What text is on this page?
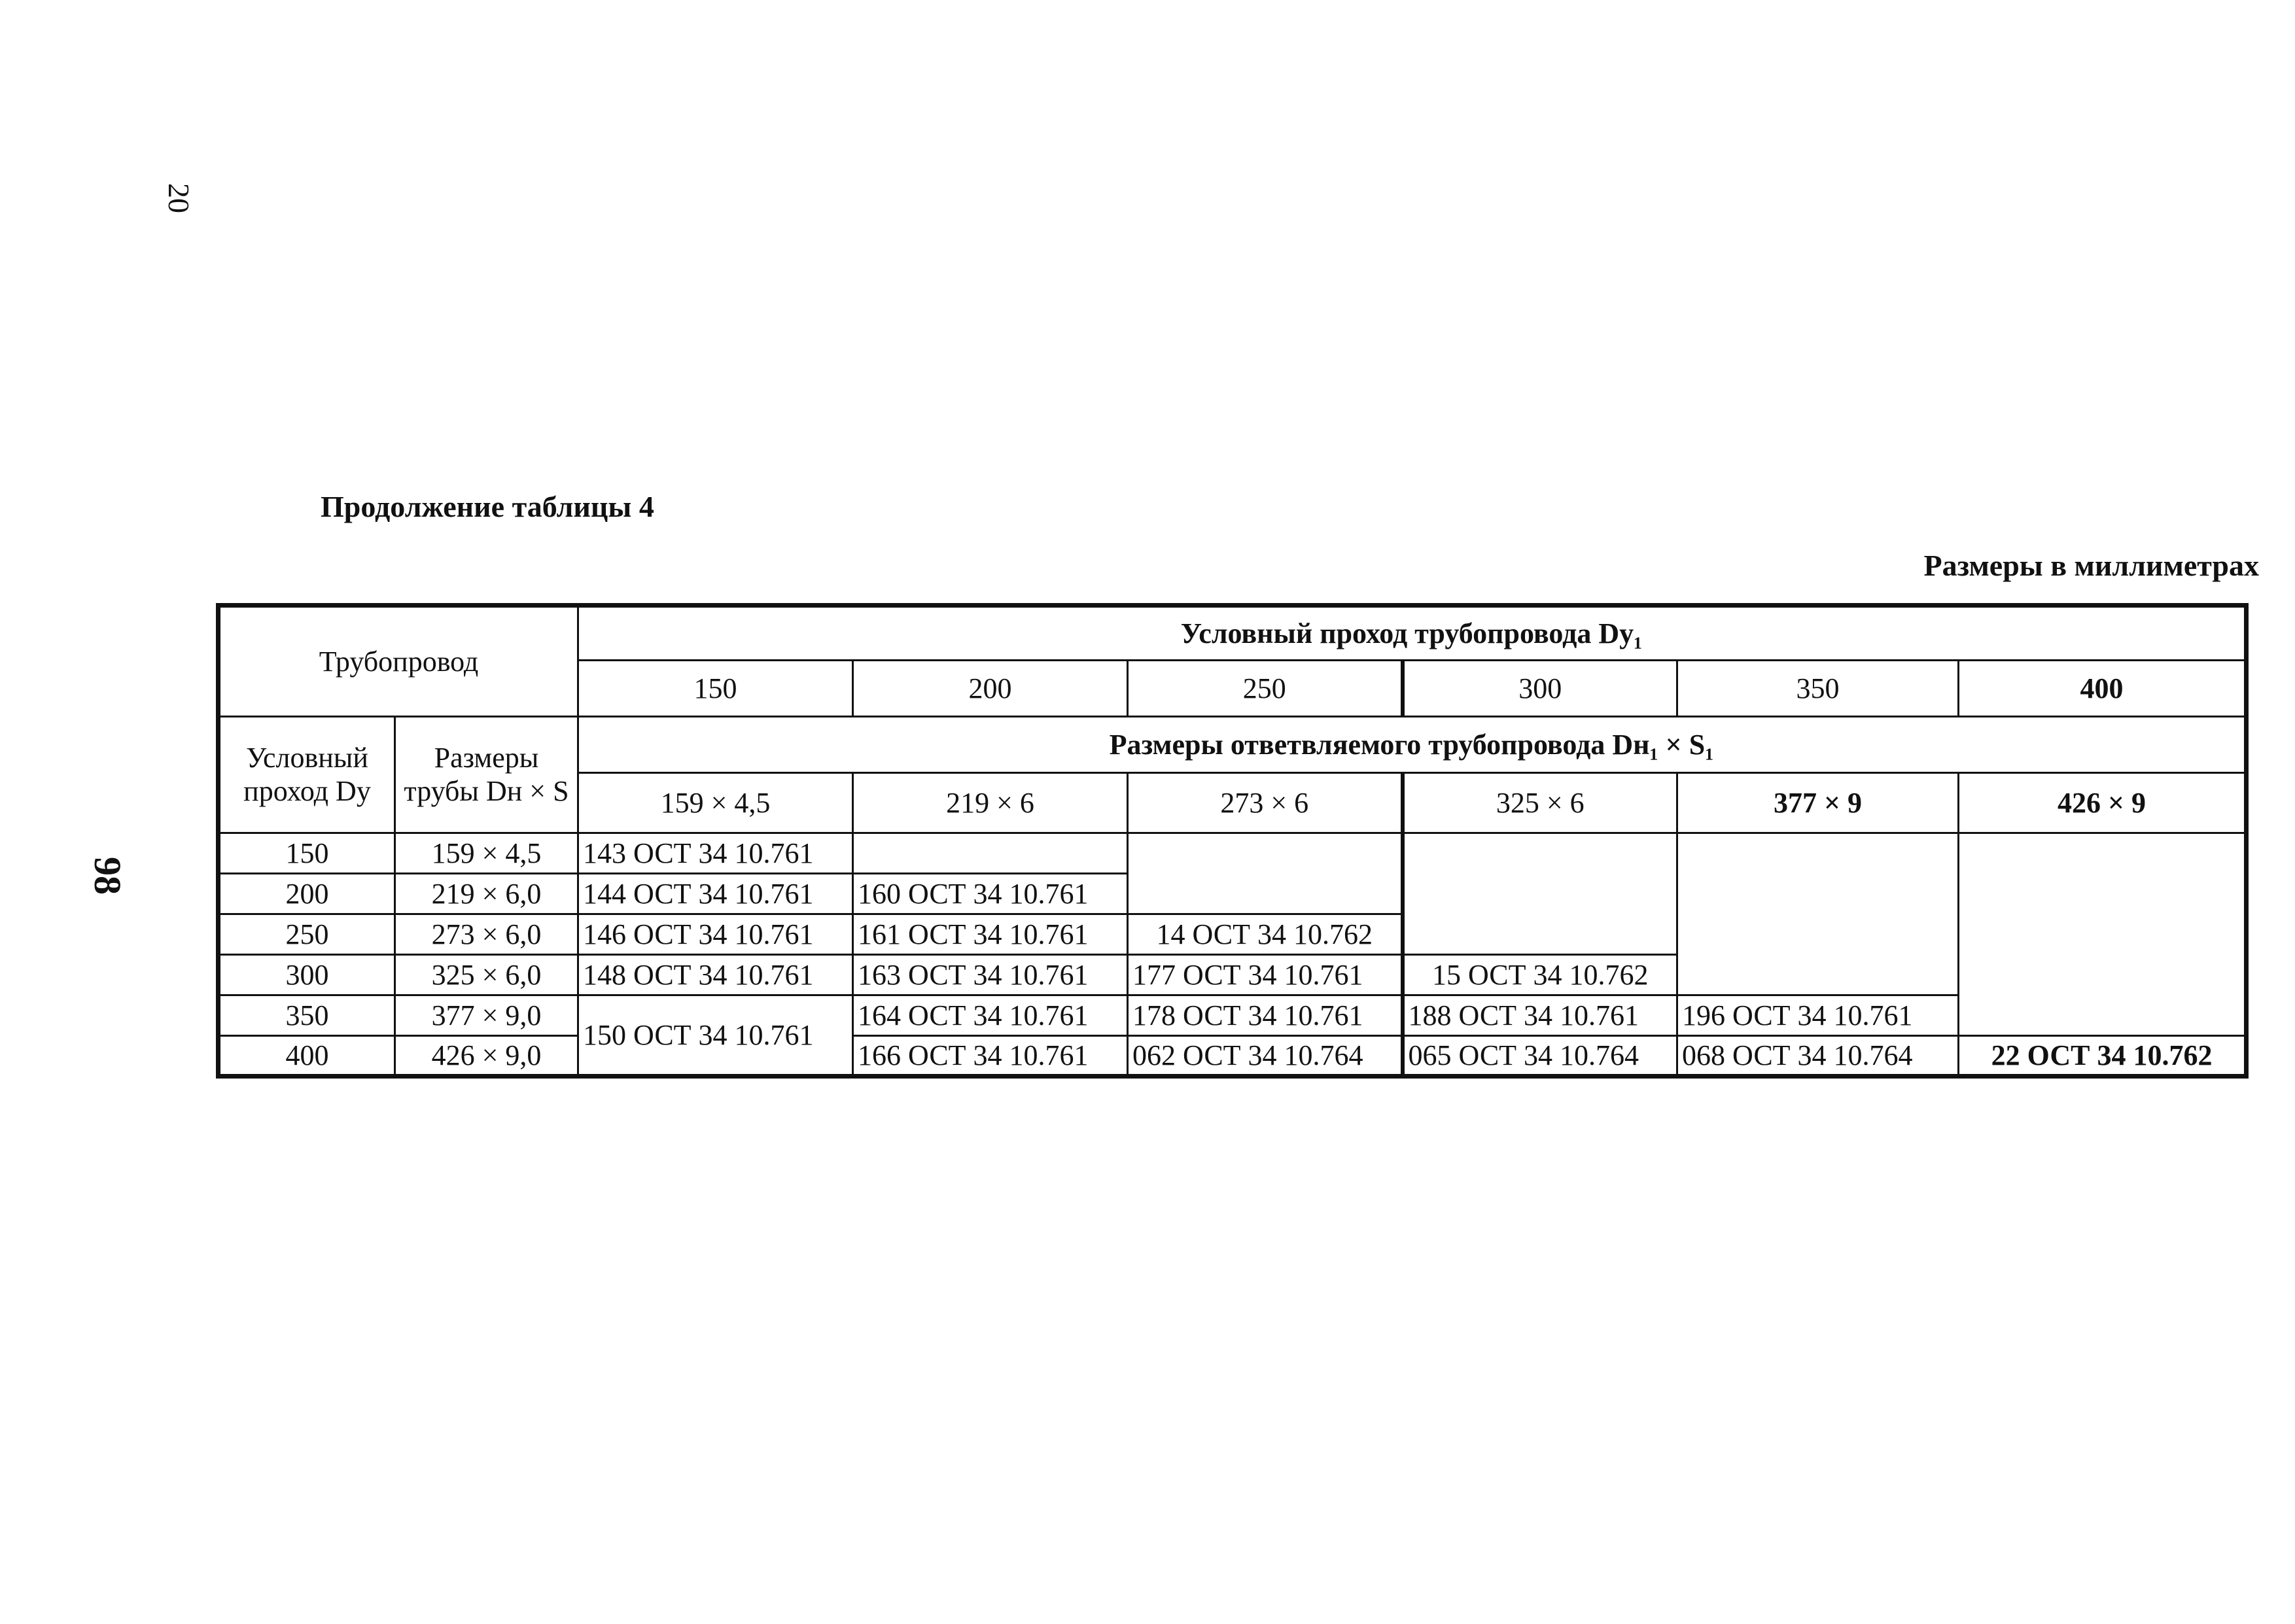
20
98
Продолжение таблицы 4
Размеры в миллиметрах
Трубопровод		Условный проход трубопровода Dy₁					
		150	200	250	300	350	400
Условный проход Dy	Размеры трубы Dн × S	Размеры ответвляемого трубопровода Dн₁ × S₁					
		159 × 4,5	219 × 6	273 × 6	325 × 6	377 × 9	426 × 9
150	159 × 4,5	143 ОСТ 34 10.761					
200	219 × 6,0	144 ОСТ 34 10.761	160 ОСТ 34 10.761				
250	273 × 6,0	146 ОСТ 34 10.761	161 ОСТ 34 10.761	14 ОСТ 34 10.762			
300	325 × 6,0	148 ОСТ 34 10.761	163 ОСТ 34 10.761	177 ОСТ 34 10.761	15 ОСТ 34 10.762		
350	377 × 9,0	150 ОСТ 34 10.761	164 ОСТ 34 10.761	178 ОСТ 34 10.761	188 ОСТ 34 10.761	196 ОСТ 34 10.761	
400	426 × 9,0		166 ОСТ 34 10.761	062 ОСТ 34 10.764	065 ОСТ 34 10.764	068 ОСТ 34 10.764	22 ОСТ 34 10.762
